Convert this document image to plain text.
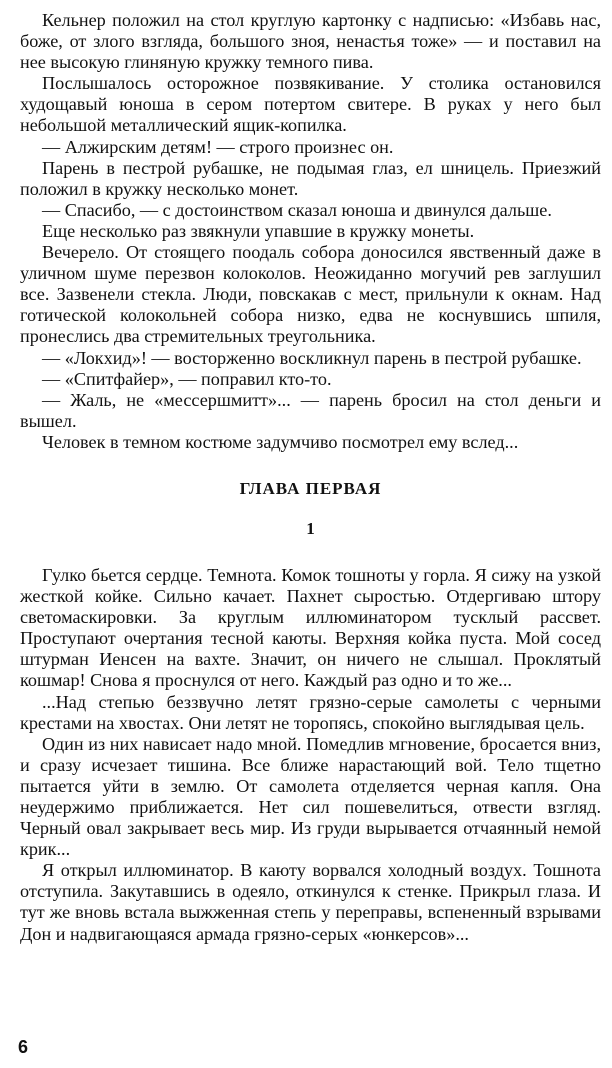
Кельнер положил на стол круглую картонку с надписью: «Избавь нас, боже, от злого взгляда, большого зноя, ненастья тоже» — и поставил на нее высокую глиняную кружку темного пива.

Послышалось осторожное позвякивание. У столика остановился худощавый юноша в сером потертом свитере. В руках у него был небольшой металлический ящик-копилка.

— Алжирским детям! — строго произнес он.

Парень в пестрой рубашке, не подымая глаз, ел шницель. Приезжий положил в кружку несколько монет.

— Спасибо, — с достоинством сказал юноша и двинулся дальше.

Еще несколько раз звякнули упавшие в кружку монеты.

Вечерело. От стоящего поодаль собора доносился явственный даже в уличном шуме перезвон колоколов. Неожиданно могучий рев заглушил все. Зазвенели стекла. Люди, повскакав с мест, прильнули к окнам. Над готической колокольней собора низко, едва не коснувшись шпиля, пронеслись два стремительных треугольника.

— «Локхид»! — восторженно воскликнул парень в пестрой рубашке.

— «Спитфайер», — поправил кто-то.

— Жаль, не «мессершмитт»... — парень бросил на стол деньги и вышел.

Человек в темном костюме задумчиво посмотрел ему вслед...

ГЛАВА ПЕРВАЯ
1

Гулко бьется сердце. Темнота. Комок тошноты у горла. Я сижу на узкой жесткой койке. Сильно качает. Пахнет сыростью. Отдергиваю штору светомаскировки. За круглым иллюминатором тусклый рассвет. Проступают очертания тесной каюты. Верхняя койка пуста. Мой сосед штурман Иенсен на вахте. Значит, он ничего не слышал. Проклятый кошмар! Снова я проснулся от него. Каждый раз одно и то же...

...Над степью беззвучно летят грязно-серые самолеты с черными крестами на хвостах. Они летят не торопясь, спокойно выглядывая цель.

Один из них нависает надо мной. Помедлив мгновение, бросается вниз, и сразу исчезает тишина. Все ближе нарастающий вой. Тело тщетно пытается уйти в землю. От самолета отделяется черная капля. Она неудержимо приближается. Нет сил пошевелиться, отвести взгляд. Черный овал закрывает весь мир. Из груди вырывается отчаянный немой крик...

Я открыл иллюминатор. В каюту ворвался холодный воздух. Тошнота отступила. Закутавшись в одеяло, откинулся к стенке. Прикрыл глаза. И тут же вновь встала выжженная степь у переправы, вспененный взрывами Дон и надвигающаяся армада грязно-серых «юнкерсов»...

6
